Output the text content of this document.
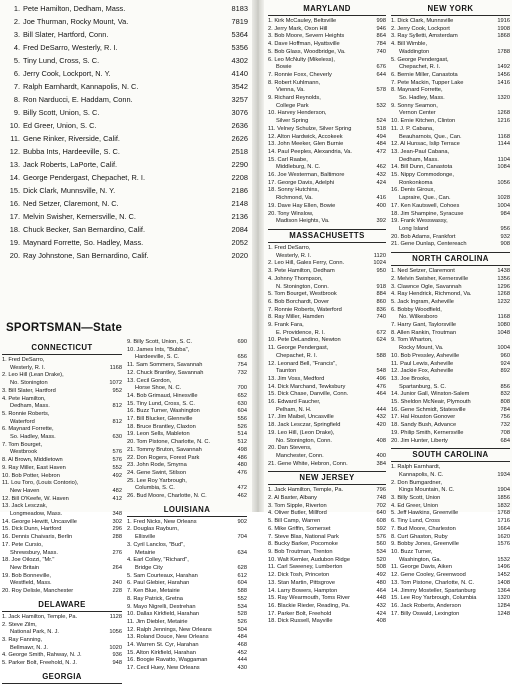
1. Pete Hamilton, Dedham, Mass.	8183
2. Joe Thurman, Rocky Mount, Va.	7819
3. Bill Slater, Hartford, Conn.	5364
4. Fred DeSarro, Westerly, R. I.	5356
5. Tiny Lund, Cross, S. C.	4302
6. Jerry Cook, Lockport, N. Y.	4140
7. Ralph Earnhardt, Kannapolis, N. C.	3542
8. Ron Narducci, E. Haddam, Conn.	3257
9. Billy Scott, Union, S. C.	3076
10. Ed Greer, Union, S. C.	2636
11. Gene Rinker, Riverside, Calif.	2626
12. Bubba Ints, Hardeeville, S. C.	2518
13. Jack Roberts, LaPorte, Calif.	2290
14. George Pendergast, Chepachet, R. I.	2208
15. Dick Clark, Munnsville, N. Y.	2186
16. Ned Setzer, Claremont, N. C.	2148
17. Melvin Swisher, Kernersville, N. C.	2136
18. Chuck Becker, San Bernardino, Calif.	2084
19. Maynard Forrette, So. Hadley, Mass.	2052
20. Ray Johnstone, San Bernardino, Calif.	2020
SPORTSMAN—State
CONNECTICUT
1. Fred DeSarro,
Westerly, R. I.	1168
2. Leo Hill (Lean Drake),
No. Stonington	1072
3. Bill Slater, Hartford	952
4. Pete Hamilton,
Dedham, Mass.	812
5. Ronnie Roberts,
Waterford	812
6. Maynard Forrette,
So. Hadley, Mass.	630
7. Tom Bourget,
Westbrook	576
8. Al Brown, Middletown	576
9. Ray Miller, East Haven	552
10. Bob Potter, Hebron	492
11. Lou Toro, (Louis Contorio),
New Haven	482
12. Bill O'Keefe, W. Haven	412
13. Jack Lesczak,
Longmeadow, Mass.	348
14. George Hewitt, Uncasville	302
15. Dick Dunn, Hartford	296
16. Dennis Chaivaris, Berlin	288
17. Pete Cursio,
Shrewsbury, Mass.	276
18. Joe Oilozzi, "Mr."
New Britain	264
19. Bob Bonneville,
Westfield, Mass.	240
20. Roy Delisle, Manchester	228
DELAWARE
1. Jack Hamilton, Temple, Pa.	1128
2. Steve Zilm,
National Park, N. J.	1056
3. Ray Fanning,
Bellmawr, N. J.	1020
4. George Smith, Rahway, N. J.	936
5. Parker Bolt, Freehold, N. J.	948
GEORGIA
9. Billy Scott, Union, S. C.	690
10. James Ints, "Bubba",
Hardeeville, S. C.	656
11. Sam Sommers, Savannah	754
12. Chuck Brantley, Savannah	732
13. Cecil Gordon,
Horse Shoe, N. C.	700
14. Bob Grimaud, Hinesville	652
15. Tiny Lund, Cross, S. C.	630
16. Buzz Turner, Washington	604
17. Bill Blucker, Glennville	556
18. Bruce Brantley, Claxton	526
19. Leon Sells, Mableton	514
20. Tom Pistone, Charlotte, N. C.	512
21. Tommy Bruton, Savannah	498
22. Don Rogers, Forest Park	486
23. John Rode, Smyrna	480
24. Gene Swint, Stilson	476
25. Lee Roy Yarbrough,
Columbia, S. C.	472
26. Bud Moore, Charlotte, N. C.	462
LOUISIANA
1. Fred Nicks, New Orleans	902
2. Douglas Rayburn,
Ellisville	704
3. Cyril Lanclos, "Bud",
Metairie	634
4. Earl Colley, "Richard",
Bridge City	628
5. Sam Courteaux, Harahan	612
6. Paul Glebier, Harahan	604
7. Ken Blue, Metairie	588
8. Ray Patrick, Gretna	552
9. Mayo Nigrelli, Destrehan	534
10. Dallas Kirkfield, Harahan	528
11. Jim Diebler, Metairie	526
12. Ralph Jennings, New Orleans	504
13. Roland Douce, New Orleans	484
14. Warren St. Cyr, Harahan	468
15. Alton Kirkfield, Harahan	452
16. Boogie Ravatto, Waggaman	444
17. Cecil Huey, New Orleans	430
MARYLAND
1. Kirk McCauley, Beltsville	998
2. Jerry Mark, Oxon Hill	946
3. Bob Moore, Severn Heights	864
4. Dave Hoffman, Hyattsville	784
5. Bob Glass, Woodbridge, Va.	740
6. Leo McNulty (Mikeless),
Bowie	676
7. Ronnie Foxx, Cheverly	644
8. Robert Kuhlmann,
Vienna, Va.	578
9. Richard Reynolds,
College Park	532
10. Harvey Henderson,
Silver Spring	524
11. Velney Schulze, Silver Spring	518
12. Alton Hardwick, Accokeek	494
13. John Meeker, Glen Burnie	484
14. Paul Peeples, Alexandria, Va.	472
15. Carl Raabe,
Middleburg, N. C.	462
16. Joe Westerman, Baltimore	432
17. George Davis, Adelphi	424
18. Sonny Hutchins,
Richmond, Va.	416
19. Dave Hay Ellen, Bowie	400
20. Tony Winslow,
Madison Heights, Va.	392
MASSACHUSETTS
1. Fred DeSarro,
Westerly, R. I.	1120
2. Leo Hill, Gales Ferry, Conn.	1024
3. Pete Hamilton, Dedham	950
4. Johnny Thompson,
N. Stonington, Conn.	918
5. Tom Bourget, Westbrook	884
6. Bob Borchardt, Dover	860
7. Ronnie Roberts, Waterford	836
8. Ray Miller, Hamden	740
9. Frank Fara,
E. Providence, R. I.	672
10. Pete DeLandino, Newton	624
11. George Pendergast,
Chepachet, R. I.	588
12. Leonard Bell, "Francis",
Taunton	548
13. Jim Voss, Medford	496
14. Dick Marchand, Tewksbury	476
15. Dick Chase, Danville, Conn.	464
16. Edward Faucher,
Pelham, N. H.	444
17. Jim Maibel, Uncasville	432
18. Jack Lesczar, Springfield	420
19. Leo Hill, (Leon Drake),
No. Stonington, Conn.	408
20. Dan Stevens,
Manchester, Conn.	400
21. Gene White, Hebron, Conn.	384
NEW JERSEY
1. Jack Hamilton, Temple, Pa.	796
2. Al Baxter, Albany	748
3. Tom Sipple, Riverton	702
4. Oliver Butler, Millford	640
5. Bill Camp, Warren	608
6. Mike Griffin, Somerset	592
7. Steve Blas, National Park	576
8. Bucky Barker, Pocomoke	560
9. Bob Troutman, Trenton	534
10. Walt Kemler, Audubon Ridge	520
11. Carl Sweeney, Lumberton	508
12. Dick Tosh, Princeton	492
13. Stan Martin, Pittsgrove	480
14. Larry Bowers, Hampton	464
15. Ray Wearmouth, Toms River	448
16. Blackie Rieder, Reading, Pa.	432
17. Parker Bolt, Freehold	424
18. Dick Russell, Mayville	408
NEW YORK
1. Dick Clark, Munnsville	1916
2. Jerry Cook, Lockport	1908
3. Ray Sylletti, Amsterdam	1868
4. Bill Wimble,
Waddington	1788
5. George Pendergast,
Chepachet, R. I.	1492
6. Bernie Miller, Canastota	1456
7. Pete Mackin, Tupper Lake	1416
8. Maynard Forrette,
So. Hadley, Mass.	1320
9. Sonny Seamon,
Vernon Center	1268
10. Ernie Kitchen, Clinton	1216
11. J. P. Cabana,
Beauharnois, Que., Can.	1168
12. Al Hunsac, Islip Terrace	1144
13. Jean-Paul Cabana,
Dedham, Mass.	1104
14. Bill Dunn, Canastota	1084
15. Nippy Commodonge,
Ronkonkoma	1056
16. Denis Giroux,
Lapraire, Que., Can.	1028
17. Ken Kautswell, Cohoes	1004
18. Jim Shampine, Syracuse	984
19. Frank Wesswassy,
Long Island	956
20. Bob Adams, Frankfort	932
21. Gene Dunlap, Centereach	908
NORTH CAROLINA
1. Ned Setzer, Claremont	1438
2. Melvin Swisher, Kernersville	1356
3. Clawnce Ogle, Savannah	1296
4. Ray Hendrick, Richmond, Va.	1268
5. Jack Ingram, Asheville	1232
6. Bobby Woodfield,
No. Wilkesboro	1168
7. Harry Gant, Taylorsville	1080
8. Allen Rankin, Troutman	1048
9. Tom Wharton,
Rocky Mount, Va.	1004
10. Bob Pressley, Asheville	960
11. Paul Lewis, Asheville	924
12. Jackie Fox, Asheville	892
13. Joe Brooks,
Spartanburg, S. C.	856
14. Junior Gall, Winston-Salem	832
15. Sheldon McNeair, Plymouth	808
16. Gene Schmidt, Statesville	784
17. Hal Houston Gonover	756
18. Sandy Bush, Advance	732
19. Philip Smith, Kernersville	708
20. Jim Hunter, Liberty	684
SOUTH CAROLINA
1. Ralph Earnhardt,
Kannapolis, N. C.	1934
2. Don Bumgardner,
Kings Mountain, N. C.	1904
3. Billy Scott, Union	1856
4. Ed Greer, Union	1832
5. Jeff Hawkins, Greenville	1768
6. Tiny Lund, Cross	1716
7. Bud Moore, Charleston	1664
8. Curt Ghaston, Ruby	1620
9. Bobby Jones, Greenville	1576
10. Buzz Turner,
Washington, Ga.	1532
11. George Davis, Aiken	1496
12. Gene Cooley, Greenwood	1452
13. Tom Pistone, Charlotte, N. C.	1408
14. Jimmy Mosteller, Spartanburg	1364
15. Lee Roy Yarbrough, Columbia	1320
16. Jack Roberts, Anderson	1284
17. Billy Oswald, Lexington	1248
